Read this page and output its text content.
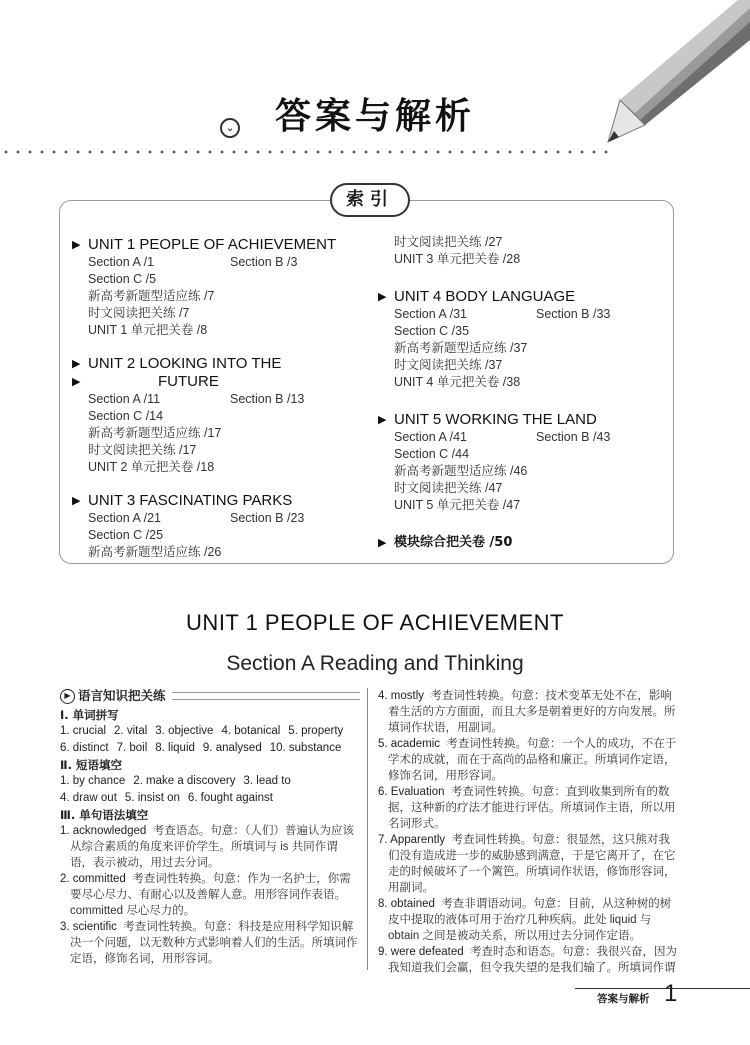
⌄	答案与解析
索引
▶ UNIT 1 PEOPLE OF ACHIEVEMENT
Section A /1	Section B /3
Section C /5
新高考新题型适应练 /7
时文阅读把关练 /7
UNIT 1 单元把关卷 /8
▶ UNIT 2 LOOKING INTO THE
▶ FUTURE
Section A /11	Section B /13
Section C /14
新高考新题型适应练 /17
时文阅读把关练 /17
UNIT 2 单元把关卷 /18
▶ UNIT 3 FASCINATING PARKS
Section A /21	Section B /23
Section C /25
新高考新题型适应练 /26
时文阅读把关练 /27
UNIT 3 单元把关卷 /28
▶ UNIT 4 BODY LANGUAGE
Section A /31	Section B /33
Section C /35
新高考新题型适应练 /37
时文阅读把关练 /37
UNIT 4 单元把关卷 /38
▶ UNIT 5 WORKING THE LAND
Section A /41	Section B /43
Section C /44
新高考新题型适应练 /46
时文阅读把关练 /47
UNIT 5 单元把关卷 /47
▶ 模块综合把关卷 /50
UNIT 1 PEOPLE OF ACHIEVEMENT
Section A Reading and Thinking
▶ 语言知识把关练
Ⅰ. 单词拼写
1. crucial 2. vital 3. objective 4. botanical 5. property
6. distinct 7. boil 8. liquid 9. analysed 10. substance
Ⅱ. 短语填空
1. by chance 2. make a discovery 3. lead to
4. draw out 5. insist on 6. fought against
Ⅲ. 单句语法填空
1. acknowledged 考查语态。句意：（人们）普遍认为应该从综合素质的角度来评价学生。所填词与 is 共同作谓语，表示被动，用过去分词。
2. committed 考查词性转换。句意：作为一名护士，你需要尽心尽力、有耐心以及善解人意。用形容词作表语。committed 尽心尽力的。
3. scientific 考查词性转换。句意：科技是应用科学知识解决一个问题，以无数种方式影响着人们的生活。所填词作定语，修饰名词，用形容词。
4. mostly 考查词性转换。句意：技术变革无处不在，影响着生活的方方面面，而且大多是朝着更好的方向发展。所填词作状语，用副词。
5. academic 考查词性转换。句意：一个人的成功，不在于学术的成就，而在于高尚的品格和廉正。所填词作定语，修饰名词，用形容词。
6. Evaluation 考查词性转换。句意：直到收集到所有的数据，这种新的疗法才能进行评估。所填词作主语，所以用名词形式。
7. Apparently 考查词性转换。句意：很显然，这只熊对我们没有造成进一步的威胁感到满意，于是它离开了，在它走的时候破坏了一个篱笆。所填词作状语，修饰形容词，用副词。
8. obtained 考查非谓语动词。句意：目前，从这种树的树皮中提取的液体可用于治疗几种疾病。此处 liquid 与 obtain 之间是被动关系，所以用过去分词作定语。
9. were defeated 考查时态和语态。句意：我很兴奋，因为我知道我们会赢，但令我失望的是我们输了。所填词作谓
答案与解析 1
